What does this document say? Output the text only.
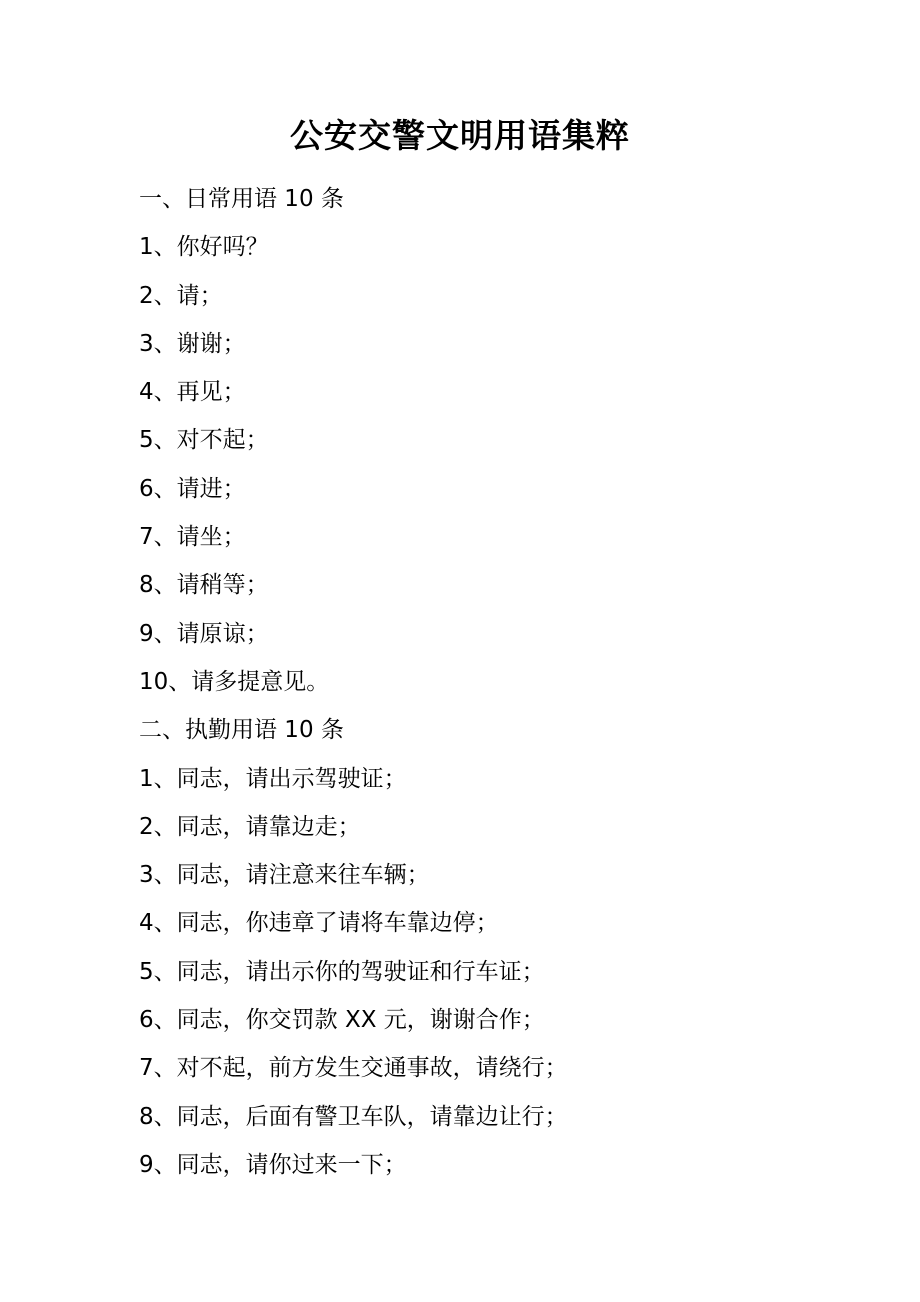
公安交警文明用语集粹
一、日常用语 10 条
1、你好吗？
2、请；
3、谢谢；
4、再见；
5、对不起；
6、请进；
7、请坐；
8、请稍等；
9、请原谅；
10、请多提意见。
二、执勤用语 10 条
1、同志，请出示驾驶证；
2、同志，请靠边走；
3、同志，请注意来往车辆；
4、同志，你违章了请将车靠边停；
5、同志，请出示你的驾驶证和行车证；
6、同志，你交罚款 XX 元，谢谢合作；
7、对不起，前方发生交通事故，请绕行；
8、同志，后面有警卫车队，请靠边让行；
9、同志，请你过来一下；
